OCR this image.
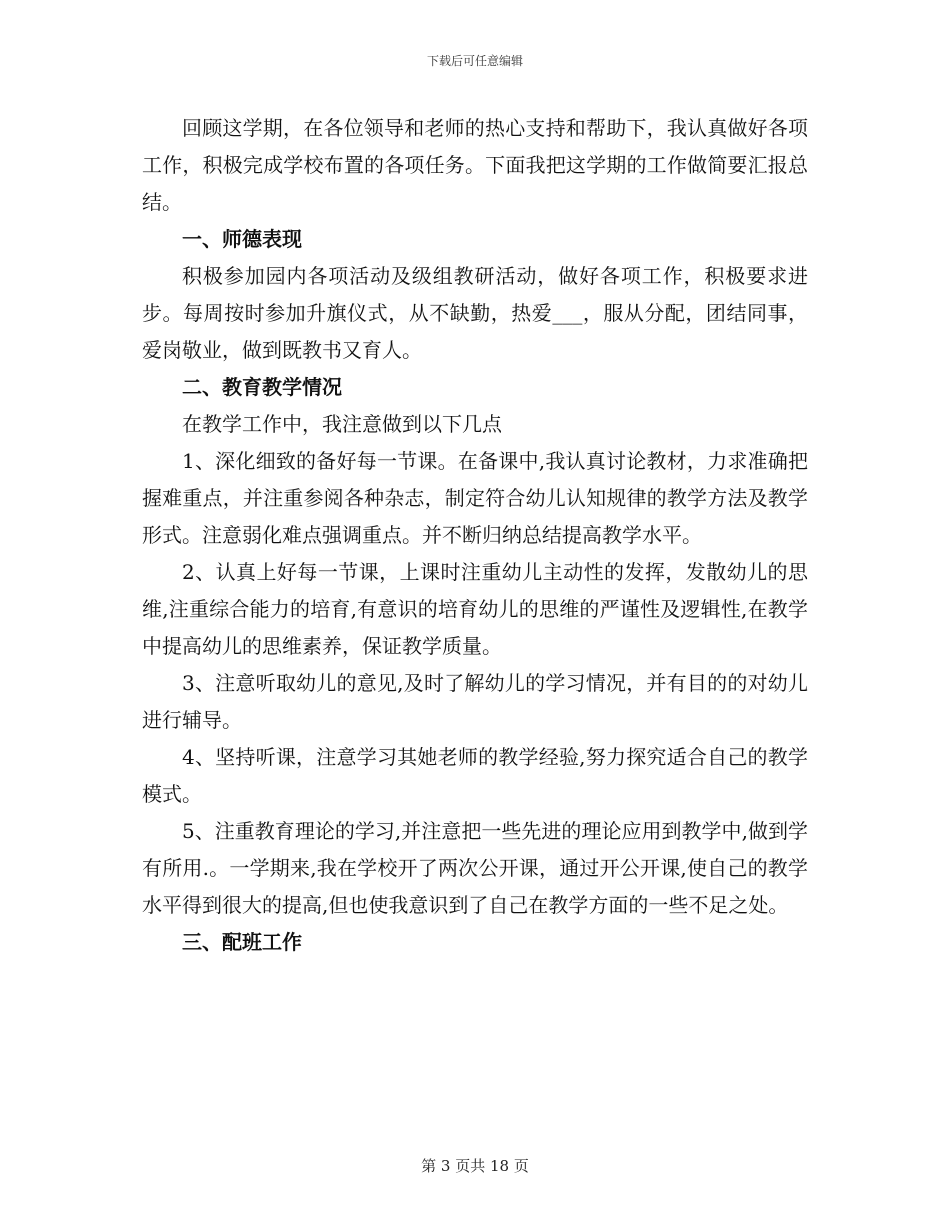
下载后可任意编辑

回顾这学期，在各位领导和老师的热心支持和帮助下，我认真做好各项工作，积极完成学校布置的各项任务。下面我把这学期的工作做简要汇报总结。

一、师德表现

积极参加园内各项活动及级组教研活动，做好各项工作，积极要求进步。每周按时参加升旗仪式，从不缺勤，热爱___，服从分配，团结同事，爱岗敬业，做到既教书又育人。

二、教育教学情况

在教学工作中，我注意做到以下几点

1、深化细致的备好每一节课。在备课中,我认真讨论教材，力求准确把握难重点，并注重参阅各种杂志，制定符合幼儿认知规律的教学方法及教学形式。注意弱化难点强调重点。并不断归纳总结提高教学水平。

2、认真上好每一节课，上课时注重幼儿主动性的发挥，发散幼儿的思维,注重综合能力的培育,有意识的培育幼儿的思维的严谨性及逻辑性,在教学中提高幼儿的思维素养，保证教学质量。

3、注意听取幼儿的意见,及时了解幼儿的学习情况，并有目的的对幼儿进行辅导。

4、坚持听课，注意学习其她老师的教学经验,努力探究适合自己的教学模式。

5、注重教育理论的学习,并注意把一些先进的理论应用到教学中,做到学有所用.。一学期来,我在学校开了两次公开课，通过开公开课,使自己的教学水平得到很大的提高,但也使我意识到了自己在教学方面的一些不足之处。

三、配班工作

第 3 页共 18 页
